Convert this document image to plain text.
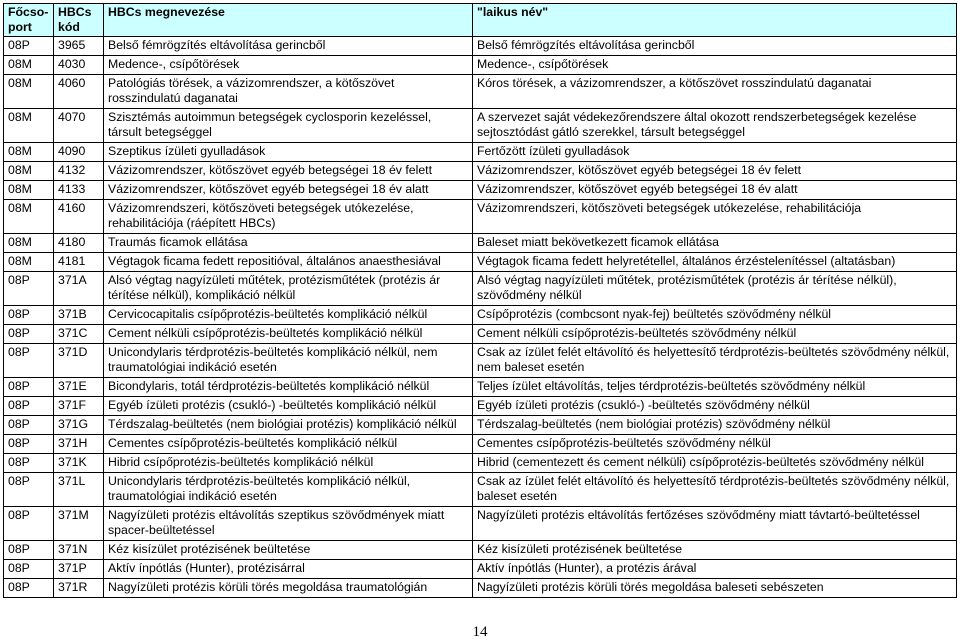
Főcso-port	HBCs kód	HBCs megnevezése	"laikus név"
08P	3965	Belső fémrögzítés eltávolítása gerincből	Belső fémrögzítés eltávolítása gerincből
08M	4030	Medence-, csípőtörések	Medence-, csípőtörések
08M	4060	Patológiás törések, a vázizomrendszer, a kötőszövet rosszindulatú daganatai	Kóros törések, a vázizomrendszer, a kötőszövet rosszindulatú daganatai
08M	4070	Szisztémás autoimmun betegségek cyclosporin kezeléssel, társult betegséggel	A szervezet saját védekezőrendszere által okozott rendszerbetegségek kezelése sejtosztódást gátló szerekkel, társult betegséggel
08M	4090	Szeptikus ízületi gyulladások	Fertőzött ízületi gyulladások
08M	4132	Vázizomrendszer, kötőszövet egyéb betegségei 18 év felett	Vázizomrendszer, kötőszövet egyéb betegségei 18 év felett
08M	4133	Vázizomrendszer, kötőszövet egyéb betegségei 18 év alatt	Vázizomrendszer, kötőszövet egyéb betegségei 18 év alatt
08M	4160	Vázizomrendszeri, kötőszöveti betegségek utókezelése, rehabilitációja (ráépített HBCs)	Vázizomrendszeri, kötőszöveti betegségek utókezelése, rehabilitációja
08M	4180	Traumás ficamok ellátása	Baleset miatt bekövetkezett ficamok ellátása
08M	4181	Végtagok ficama fedett repositióval, általános anaesthesiával	Végtagok ficama fedett helyretétellel, általános érzéstelenítéssel (altatásban)
08P	371A	Alsó végtag nagyízületi műtétek, protézisműtétek (protézis ár térítése nélkül), komplikáció nélkül	Alsó végtag nagyízületi műtétek, protézisműtétek (protézis ár térítése nélkül), szövődmény nélkül
08P	371B	Cervicocapitalis csípőprotézis-beültetés komplikáció nélkül	Csípőprotézis (combcsont nyak-fej) beültetés szövődmény nélkül
08P	371C	Cement nélküli csípőprotézis-beültetés komplikáció nélkül	Cement nélküli csípőprotézis-beültetés szövődmény nélkül
08P	371D	Unicondylaris térdprotézis-beültetés komplikáció nélkül, nem traumatológiai indikáció esetén	Csak az ízület felét eltávolító és helyettesítő térdprotézis-beültetés szövődmény nélkül, nem baleset esetén
08P	371E	Bicondylaris, totál térdprotézis-beültetés komplikáció nélkül	Teljes ízület eltávolítás, teljes térdprotézis-beültetés szövődmény nélkül
08P	371F	Egyéb ízületi protézis (csukló-) -beültetés komplikáció nélkül	Egyéb ízületi protézis (csukló-) -beültetés szövődmény nélkül
08P	371G	Térdszalag-beültetés (nem biológiai protézis) komplikáció nélkül	Térdszalag-beültetés (nem biológiai protézis) szövődmény nélkül
08P	371H	Cementes csípőprotézis-beültetés komplikáció nélkül	Cementes csípőprotézis-beültetés szövődmény nélkül
08P	371K	Hibrid csípőprotézis-beültetés komplikáció nélkül	Hibrid (cementezett és cement nélküli) csípőprotézis-beültetés szövődmény nélkül
08P	371L	Unicondylaris térdprotézis-beültetés komplikáció nélkül, traumatológiai indikáció esetén	Csak az ízület felét eltávolító és helyettesítő térdprotézis-beültetés szövődmény nélkül, baleset esetén
08P	371M	Nagyízületi protézis eltávolítás szeptikus szövődmények miatt spacer-beültetéssel	Nagyízületi protézis eltávolítás fertőzéses szövődmény miatt távtartó-beültetéssel
08P	371N	Kéz kisízület protézisének beültetése	Kéz kisízületi protézisének beültetése
08P	371P	Aktív ínpótlás (Hunter), protézisárral	Aktív ínpótlás (Hunter), a protézis árával
08P	371R	Nagyízületi protézis körüli törés megoldása traumatológián	Nagyízületi protézis körüli törés megoldása baleseti sebészeten
14
